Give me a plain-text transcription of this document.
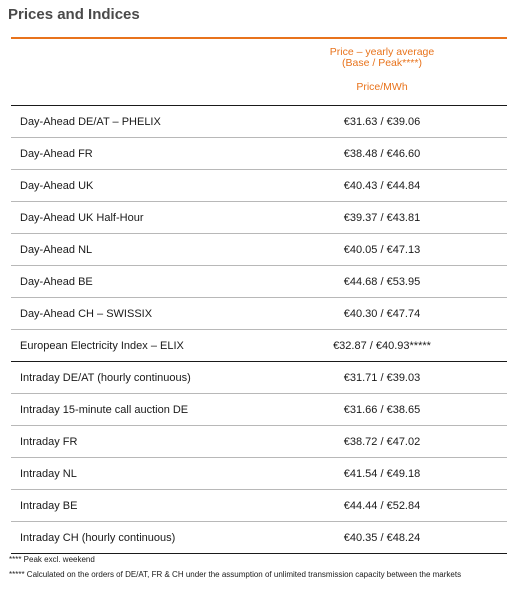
Prices and Indices
Price – yearly average
(Base / Peak****)
Price/MWh
Day-Ahead DE/AT – PHELIX	€31.63 / €39.06
Day-Ahead FR	€38.48 / €46.60
Day-Ahead UK	€40.43 / €44.84
Day-Ahead UK Half-Hour	€39.37 / €43.81
Day-Ahead NL	€40.05 / €47.13
Day-Ahead BE	€44.68 / €53.95
Day-Ahead CH – SWISSIX	€40.30 / €47.74
European Electricity Index – ELIX	€32.87 / €40.93*****
Intraday DE/AT (hourly continuous)	€31.71 / €39.03
Intraday 15-minute call auction DE	€31.66 / €38.65
Intraday FR	€38.72 / €47.02
Intraday NL	€41.54 / €49.18
Intraday BE	€44.44 / €52.84
Intraday CH (hourly continuous)	€40.35 / €48.24
**** Peak excl. weekend
***** Calculated on the orders of DE/AT, FR & CH under the assumption of unlimited transmission capacity between the markets
